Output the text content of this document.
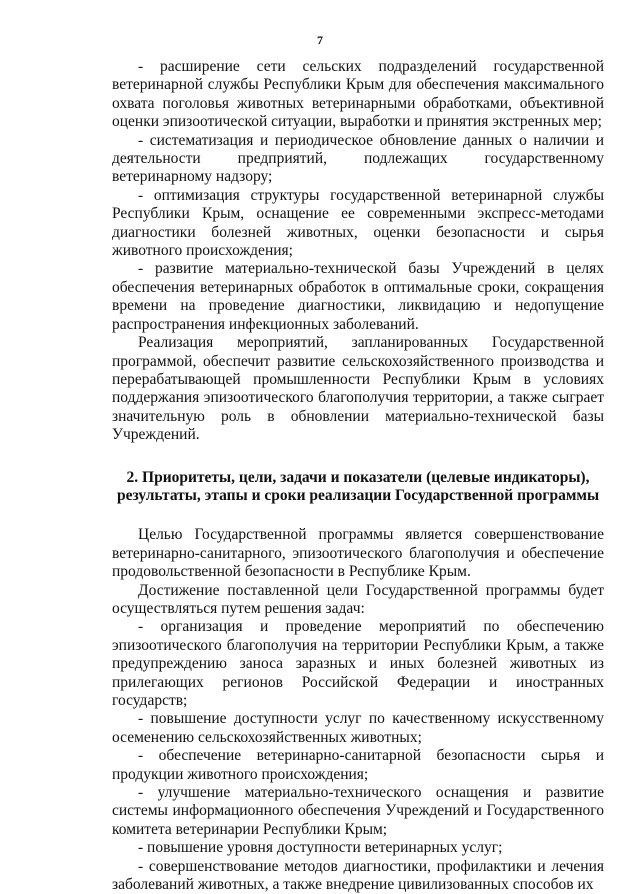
7

- расширение сети сельских подразделений государственной ветеринарной службы Республики Крым для обеспечения максимального охвата поголовья животных ветеринарными обработками, объективной оценки эпизоотической ситуации, выработки и принятия экстренных мер;

- систематизация и периодическое обновление данных о наличии и деятельности предприятий, подлежащих государственному ветеринарному надзору;

- оптимизация структуры государственной ветеринарной службы Республики Крым, оснащение ее современными экспресс-методами диагностики болезней животных, оценки безопасности и сырья животного происхождения;

- развитие материально-технической базы Учреждений в целях обеспечения ветеринарных обработок в оптимальные сроки, сокращения времени на проведение диагностики, ликвидацию и недопущение распространения инфекционных заболеваний.

Реализация мероприятий, запланированных Государственной программой, обеспечит развитие сельскохозяйственного производства и перерабатывающей промышленности Республики Крым в условиях поддержания эпизоотического благополучия территории, а также сыграет значительную роль в обновлении материально-технической базы Учреждений.

2. Приоритеты, цели, задачи и показатели (целевые индикаторы),
результаты, этапы и сроки реализации Государственной программы

Целью Государственной программы является совершенствование ветеринарно-санитарного, эпизоотического благополучия и обеспечение продовольственной безопасности в Республике Крым.

Достижение поставленной цели Государственной программы будет осуществляться путем решения задач:

- организация и проведение мероприятий по обеспечению эпизоотического благополучия на территории Республики Крым, а также предупреждению заноса заразных и иных болезней животных из прилегающих регионов Российской Федерации и иностранных государств;

- повышение доступности услуг по качественному искусственному осеменению сельскохозяйственных животных;

- обеспечение ветеринарно-санитарной безопасности сырья и продукции животного происхождения;

- улучшение материально-технического оснащения и развитие системы информационного обеспечения Учреждений и Государственного комитета ветеринарии Республики Крым;

- повышение уровня доступности ветеринарных услуг;

- совершенствование методов диагностики, профилактики и лечения заболеваний животных, а также внедрение цивилизованных способов их
